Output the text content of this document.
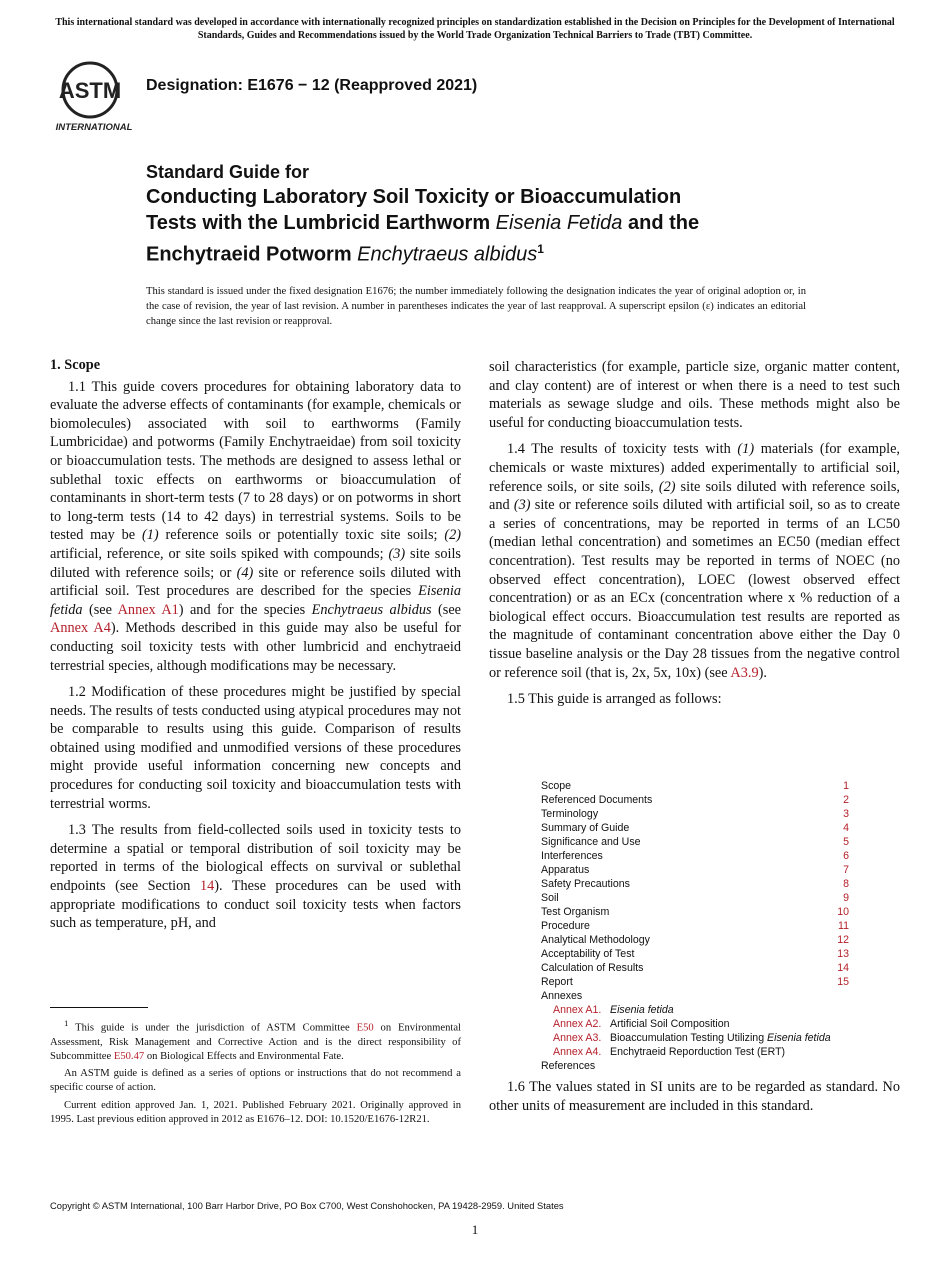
This international standard was developed in accordance with internationally recognized principles on standardization established in the Decision on Principles for the Development of International Standards, Guides and Recommendations issued by the World Trade Organization Technical Barriers to Trade (TBT) Committee.
ASTM
INTERNATIONAL
Designation: E1676 − 12 (Reapproved 2021)
Standard Guide for
Conducting Laboratory Soil Toxicity or Bioaccumulation
Tests with the Lumbricid Earthworm Eisenia Fetida and the
Enchytraeid Potworm Enchytraeus albidus$^1$
This standard is issued under the fixed designation E1676; the number immediately following the designation indicates the year of original adoption or, in the case of revision, the year of last revision. A number in parentheses indicates the year of last reapproval. A superscript epsilon (ε) indicates an editorial change since the last revision or reapproval.
1. Scope

1.1 This guide covers procedures for obtaining laboratory data to evaluate the adverse effects of contaminants (for example, chemicals or biomolecules) associated with soil to earthworms (Family Lumbricidae) and potworms (Family Enchytraeidae) from soil toxicity or bioaccumulation tests. The methods are designed to assess lethal or sublethal toxic effects on earthworms or bioaccumulation of contaminants in short-term tests (7 to 28 days) or on potworms in short to long-term tests (14 to 42 days) in terrestrial systems. Soils to be tested may be (1) reference soils or potentially toxic site soils; (2) artificial, reference, or site soils spiked with compounds; (3) site soils diluted with reference soils; or (4) site or reference soils diluted with artificial soil. Test procedures are described for the species Eisenia fetida (see Annex A1) and for the species Enchytraeus albidus (see Annex A4). Methods described in this guide may also be useful for conducting soil toxicity tests with other lumbricid and enchytraeid terrestrial species, although modifications may be necessary.

1.2 Modification of these procedures might be justified by special needs. The results of tests conducted using atypical procedures may not be comparable to results using this guide. Comparison of results obtained using modified and unmodified versions of these procedures might provide useful information concerning new concepts and procedures for conducting soil toxicity and bioaccumulation tests with terrestrial worms.

1.3 The results from field-collected soils used in toxicity tests to determine a spatial or temporal distribution of soil toxicity may be reported in terms of the biological effects on survival or sublethal endpoints (see Section 14). These procedures can be used with appropriate modifications to conduct soil toxicity tests when factors such as temperature, pH, and

$^1$ This guide is under the jurisdiction of ASTM Committee E50 on Environmental Assessment, Risk Management and Corrective Action and is the direct responsibility of Subcommittee E50.47 on Biological Effects and Environmental Fate.

An ASTM guide is defined as a series of options or instructions that do not recommend a specific course of action.

Current edition approved Jan. 1, 2021. Published February 2021. Originally approved in 1995. Last previous edition approved in 2012 as E1676–12. DOI: 10.1520/E1676-12R21.

soil characteristics (for example, particle size, organic matter content, and clay content) are of interest or when there is a need to test such materials as sewage sludge and oils. These methods might also be useful for conducting bioaccumulation tests.

1.4 The results of toxicity tests with (1) materials (for example, chemicals or waste mixtures) added experimentally to artificial soil, reference soils, or site soils, (2) site soils diluted with reference soils, and (3) site or reference soils diluted with artificial soil, so as to create a series of concentrations, may be reported in terms of an LC50 (median lethal concentration) and sometimes an EC50 (median effect concentration). Test results may be reported in terms of NOEC (no observed effect concentration), LOEC (lowest observed effect concentration) or as an ECx (concentration where x % reduction of a biological effect occurs. Bioaccumulation test results are reported as the magnitude of contaminant concentration above either the Day 0 tissue baseline analysis or the Day 28 tissues from the negative control or reference soil (that is, 2x, 5x, 10x) (see A3.9).

1.5 This guide is arranged as follows:

Scope	1
Referenced Documents	2
Terminology	3
Summary of Guide	4
Significance and Use	5
Interferences	6
Apparatus	7
Safety Precautions	8
Soil	9
Test Organism	10
Procedure	11
Analytical Methodology	12
Acceptability of Test	13
Calculation of Results	14
Report	15
Annexes
Annex A1. Eisenia fetida
Annex A2. Artificial Soil Composition
Annex A3. Bioaccumulation Testing Utilizing Eisenia fetida
Annex A4. Enchytraeid Reporduction Test (ERT)
References

1.6 The values stated in SI units are to be regarded as standard. No other units of measurement are included in this standard.

Copyright © ASTM International, 100 Barr Harbor Drive, PO Box C700, West Conshohocken, PA 19428-2959. United States
1
